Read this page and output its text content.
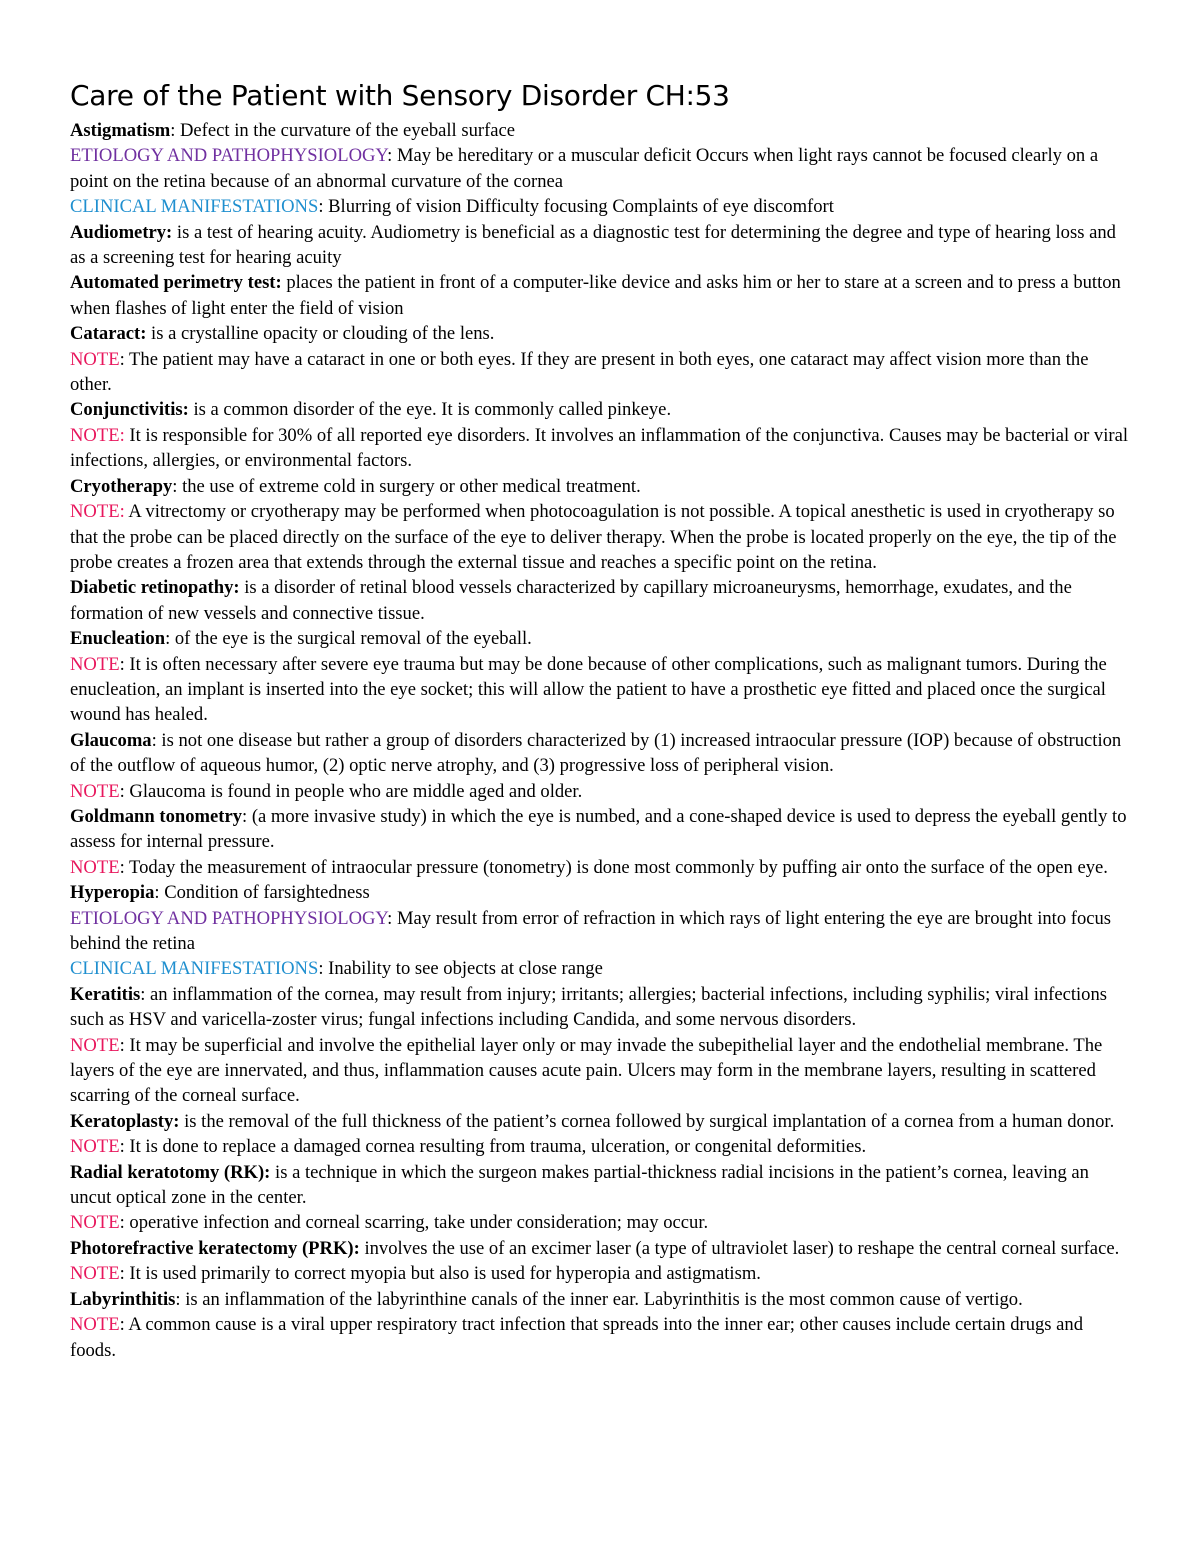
Care of the Patient with Sensory Disorder CH:53

Astigmatism: Defect in the curvature of the eyeball surface

ETIOLOGY AND PATHOPHYSIOLOGY: May be hereditary or a muscular deficit Occurs when light rays cannot be focused clearly on a point on the retina because of an abnormal curvature of the cornea

CLINICAL MANIFESTATIONS: Blurring of vision Difficulty focusing Complaints of eye discomfort

Audiometry: is a test of hearing acuity. Audiometry is beneficial as a diagnostic test for determining the degree and type of hearing loss and as a screening test for hearing acuity

Automated perimetry test: places the patient in front of a computer-like device and asks him or her to stare at a screen and to press a button when flashes of light enter the field of vision

Cataract: is a crystalline opacity or clouding of the lens.

NOTE: The patient may have a cataract in one or both eyes. If they are present in both eyes, one cataract may affect vision more than the other.

Conjunctivitis: is a common disorder of the eye. It is commonly called pinkeye.

NOTE: It is responsible for 30% of all reported eye disorders. It involves an inflammation of the conjunctiva. Causes may be bacterial or viral infections, allergies, or environmental factors.

Cryotherapy: the use of extreme cold in surgery or other medical treatment.

NOTE: A vitrectomy or cryotherapy may be performed when photocoagulation is not possible. A topical anesthetic is used in cryotherapy so that the probe can be placed directly on the surface of the eye to deliver therapy. When the probe is located properly on the eye, the tip of the probe creates a frozen area that extends through the external tissue and reaches a specific point on the retina.

Diabetic retinopathy: is a disorder of retinal blood vessels characterized by capillary microaneurysms, hemorrhage, exudates, and the formation of new vessels and connective tissue.

Enucleation: of the eye is the surgical removal of the eyeball.

NOTE: It is often necessary after severe eye trauma but may be done because of other complications, such as malignant tumors. During the enucleation, an implant is inserted into the eye socket; this will allow the patient to have a prosthetic eye fitted and placed once the surgical wound has healed.

Glaucoma: is not one disease but rather a group of disorders characterized by (1) increased intraocular pressure (IOP) because of obstruction of the outflow of aqueous humor, (2) optic nerve atrophy, and (3) progressive loss of peripheral vision.

NOTE: Glaucoma is found in people who are middle aged and older.

Goldmann tonometry: (a more invasive study) in which the eye is numbed, and a cone-shaped device is used to depress the eyeball gently to assess for internal pressure.

NOTE: Today the measurement of intraocular pressure (tonometry) is done most commonly by puffing air onto the surface of the open eye.

Hyperopia: Condition of farsightedness

ETIOLOGY AND PATHOPHYSIOLOGY: May result from error of refraction in which rays of light entering the eye are brought into focus behind the retina

CLINICAL MANIFESTATIONS: Inability to see objects at close range

Keratitis: an inflammation of the cornea, may result from injury; irritants; allergies; bacterial infections, including syphilis; viral infections such as HSV and varicella-zoster virus; fungal infections including Candida, and some nervous disorders.

NOTE: It may be superficial and involve the epithelial layer only or may invade the subepithelial layer and the endothelial membrane. The layers of the eye are innervated, and thus, inflammation causes acute pain. Ulcers may form in the membrane layers, resulting in scattered scarring of the corneal surface.

Keratoplasty: is the removal of the full thickness of the patient’s cornea followed by surgical implantation of a cornea from a human donor.

NOTE: It is done to replace a damaged cornea resulting from trauma, ulceration, or congenital deformities.

Radial keratotomy (RK): is a technique in which the surgeon makes partial-thickness radial incisions in the patient’s cornea, leaving an uncut optical zone in the center.

NOTE: operative infection and corneal scarring, take under consideration; may occur.

Photorefractive keratectomy (PRK): involves the use of an excimer laser (a type of ultraviolet laser) to reshape the central corneal surface.

NOTE: It is used primarily to correct myopia but also is used for hyperopia and astigmatism.

Labyrinthitis: is an inflammation of the labyrinthine canals of the inner ear. Labyrinthitis is the most common cause of vertigo.

NOTE: A common cause is a viral upper respiratory tract infection that spreads into the inner ear; other causes include certain drugs and foods.
